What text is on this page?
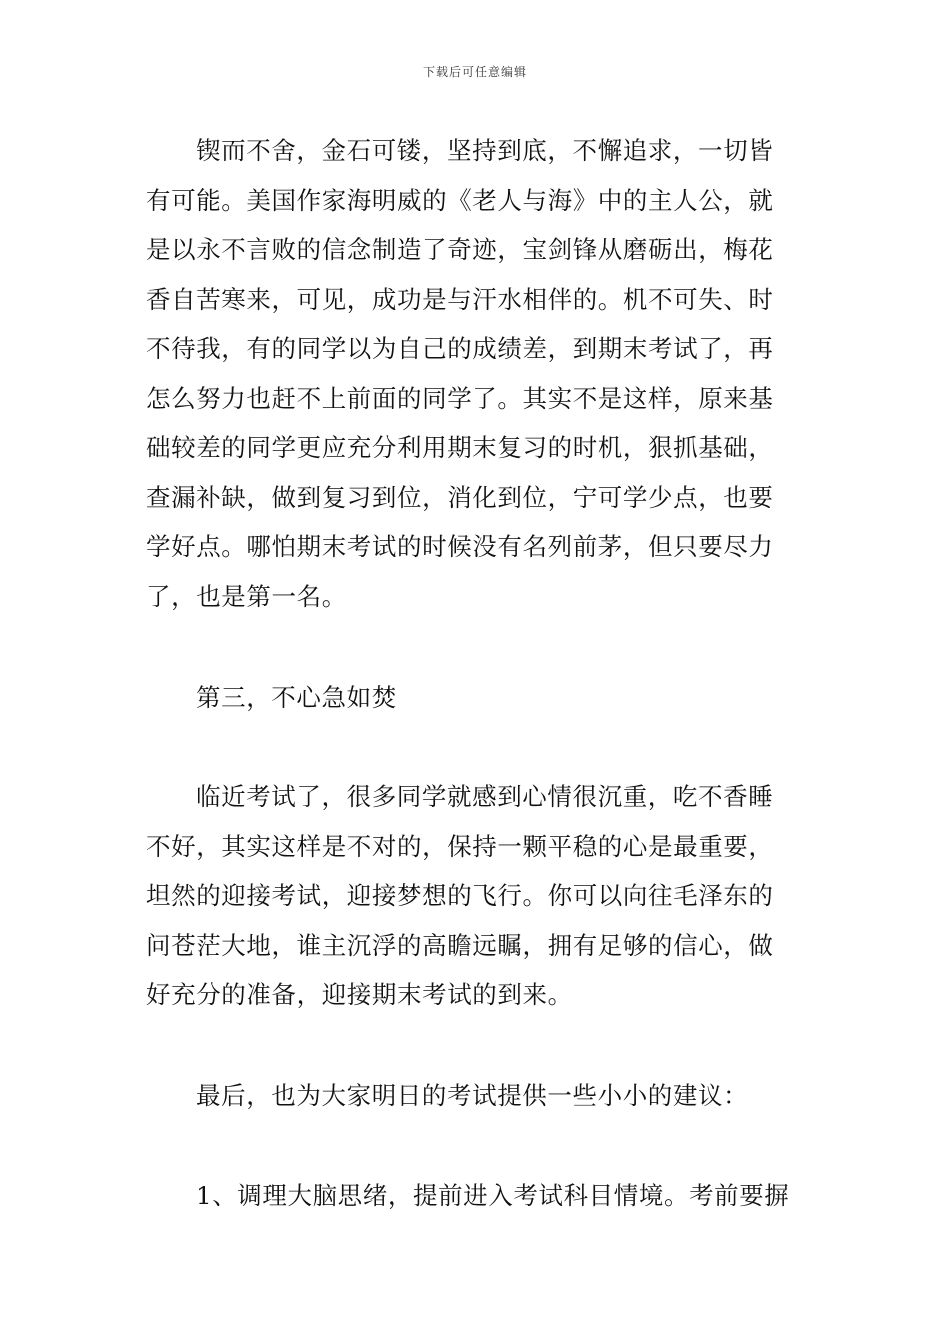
下载后可任意编辑
锲而不舍，金石可镂，坚持到底，不懈追求，一切皆
有可能。美国作家海明威的《老人与海》中的主人公，就
是以永不言败的信念制造了奇迹，宝剑锋从磨砺出，梅花
香自苦寒来，可见，成功是与汗水相伴的。机不可失、时
不待我，有的同学以为自己的成绩差，到期末考试了，再
怎么努力也赶不上前面的同学了。其实不是这样，原来基
础较差的同学更应充分利用期末复习的时机，狠抓基础，
查漏补缺，做到复习到位，消化到位，宁可学少点，也要
学好点。哪怕期末考试的时候没有名列前茅，但只要尽力
了，也是第一名。
第三，不心急如焚
临近考试了，很多同学就感到心情很沉重，吃不香睡
不好，其实这样是不对的，保持一颗平稳的心是最重要，
坦然的迎接考试，迎接梦想的飞行。你可以向往毛泽东的
问苍茫大地，谁主沉浮的高瞻远瞩，拥有足够的信心，做
好充分的准备，迎接期末考试的到来。
最后，也为大家明日的考试提供一些小小的建议：
1、调理大脑思绪，提前进入考试科目情境。考前要摒
